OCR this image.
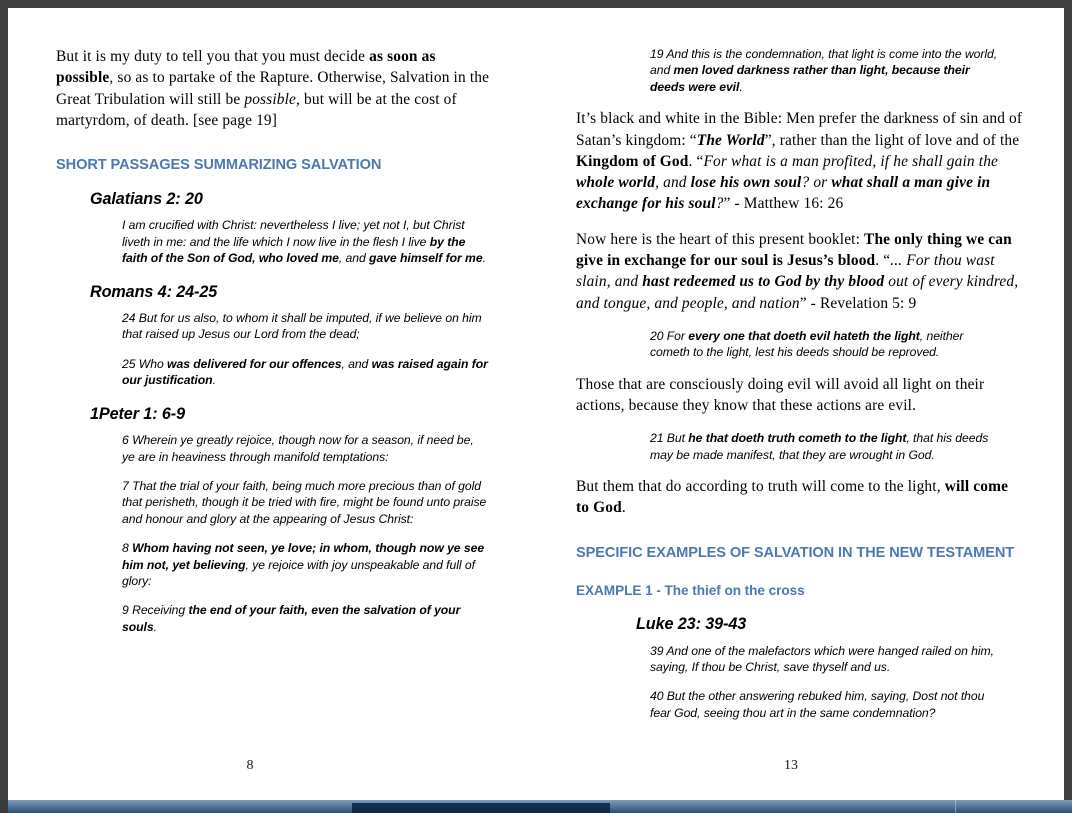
But it is my duty to tell you that you must decide as soon as possible, so as to partake of the Rapture. Otherwise, Salvation in the Great Tribulation will still be possible, but will be at the cost of martyrdom, of death. [see page 19]

SHORT PASSAGES SUMMARIZING SALVATION
Galatians 2: 20

I am crucified with Christ: nevertheless I live; yet not I, but Christ liveth in me: and the life which I now live in the flesh I live by the faith of the Son of God, who loved me, and gave himself for me.

Romans 4: 24-25

24 But for us also, to whom it shall be imputed, if we believe on him that raised up Jesus our Lord from the dead;

25 Who was delivered for our offences, and was raised again for our justification.

1Peter 1: 6-9

6 Wherein ye greatly rejoice, though now for a season, if need be, ye are in heaviness through manifold temptations:

7 That the trial of your faith, being much more precious than of gold that perisheth, though it be tried with fire, might be found unto praise and honour and glory at the appearing of Jesus Christ:

8 Whom having not seen, ye love; in whom, though now ye see him not, yet believing, ye rejoice with joy unspeakable and full of glory:

9 Receiving the end of your faith, even the salvation of your souls.

8

19 And this is the condemnation, that light is come into the world, and men loved darkness rather than light, because their deeds were evil.

It’s black and white in the Bible: Men prefer the darkness of sin and of Satan’s kingdom: “The World”, rather than the light of love and of the Kingdom of God. “For what is a man profited, if he shall gain the whole world, and lose his own soul? or what shall a man give in exchange for his soul?” - Matthew 16: 26

Now here is the heart of this present booklet: The only thing we can give in exchange for our soul is Jesus’s blood. “... For thou wast slain, and hast redeemed us to God by thy blood out of every kindred, and tongue, and people, and nation” - Revelation 5: 9

20 For every one that doeth evil hateth the light, neither cometh to the light, lest his deeds should be reproved.

Those that are consciously doing evil will avoid all light on their actions, because they know that these actions are evil.

21 But he that doeth truth cometh to the light, that his deeds may be made manifest, that they are wrought in God.

But them that do according to truth will come to the light, will come to God.

SPECIFIC EXAMPLES OF SALVATION IN THE NEW TESTAMENT
EXAMPLE 1 - The thief on the cross
Luke 23: 39-43

39 And one of the malefactors which were hanged railed on him, saying, If thou be Christ, save thyself and us.

40 But the other answering rebuked him, saying, Dost not thou fear God, seeing thou art in the same condemnation?

13
